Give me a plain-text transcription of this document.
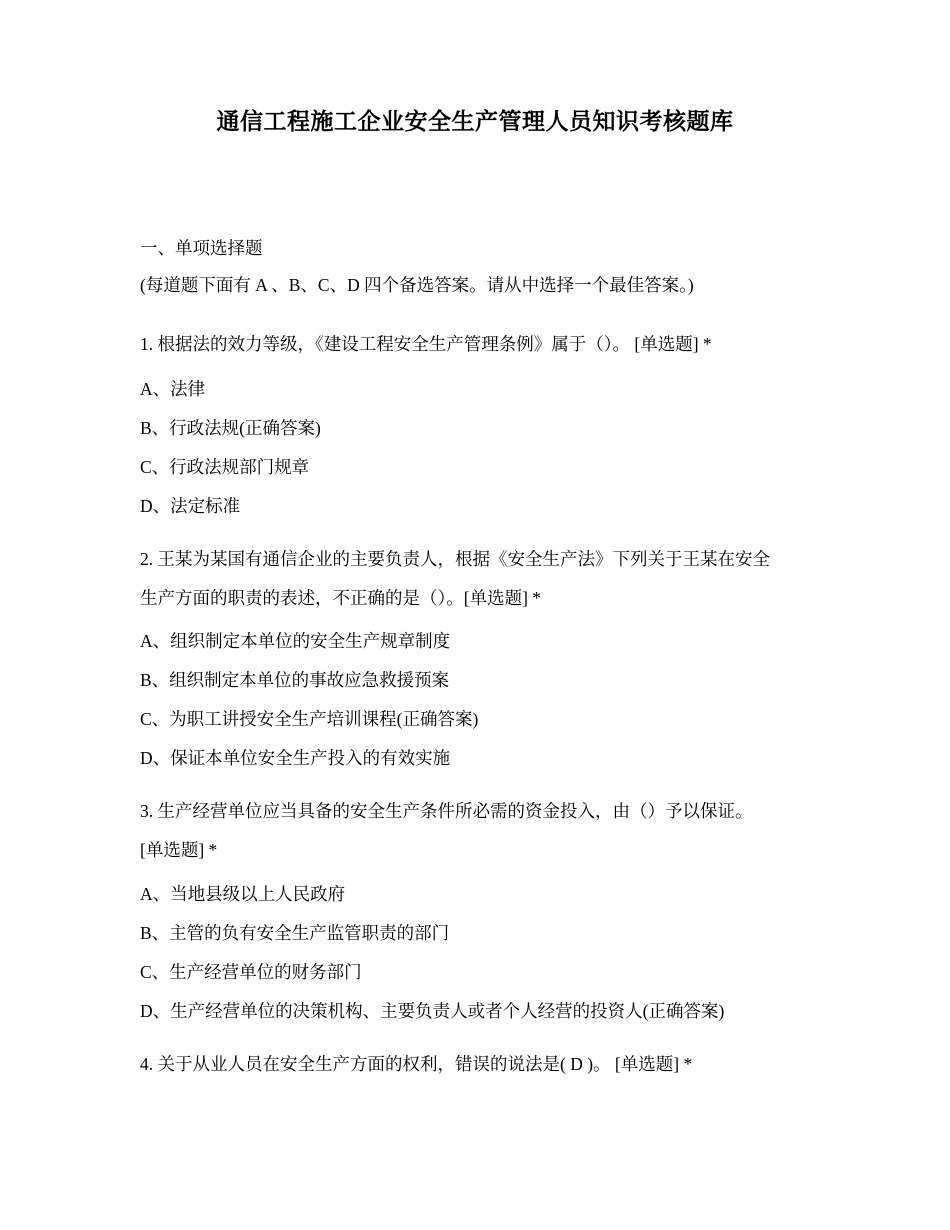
通信工程施工企业安全生产管理人员知识考核题库
一、单项选择题
(每道题下面有 A 、B、C、D 四个备选答案。请从中选择一个最佳答案。)
1. 根据法的效力等级，《建设工程安全生产管理条例》属于（）。 [单选题] *
A、法律
B、行政法规(正确答案)
C、行政法规部门规章
D、法定标准
2. 王某为某国有通信企业的主要负责人，根据《安全生产法》下列关于王某在安全
生产方面的职责的表述，不正确的是（）。[单选题] *
A、组织制定本单位的安全生产规章制度
B、组织制定本单位的事故应急救援预案
C、为职工讲授安全生产培训课程(正确答案)
D、保证本单位安全生产投入的有效实施
3. 生产经营单位应当具备的安全生产条件所必需的资金投入，由（）予以保证。
[单选题] *
A、当地县级以上人民政府
B、主管的负有安全生产监管职责的部门
C、生产经营单位的财务部门
D、生产经营单位的决策机构、主要负责人或者个人经营的投资人(正确答案)
4. 关于从业人员在安全生产方面的权利，错误的说法是( D )。 [单选题] *
